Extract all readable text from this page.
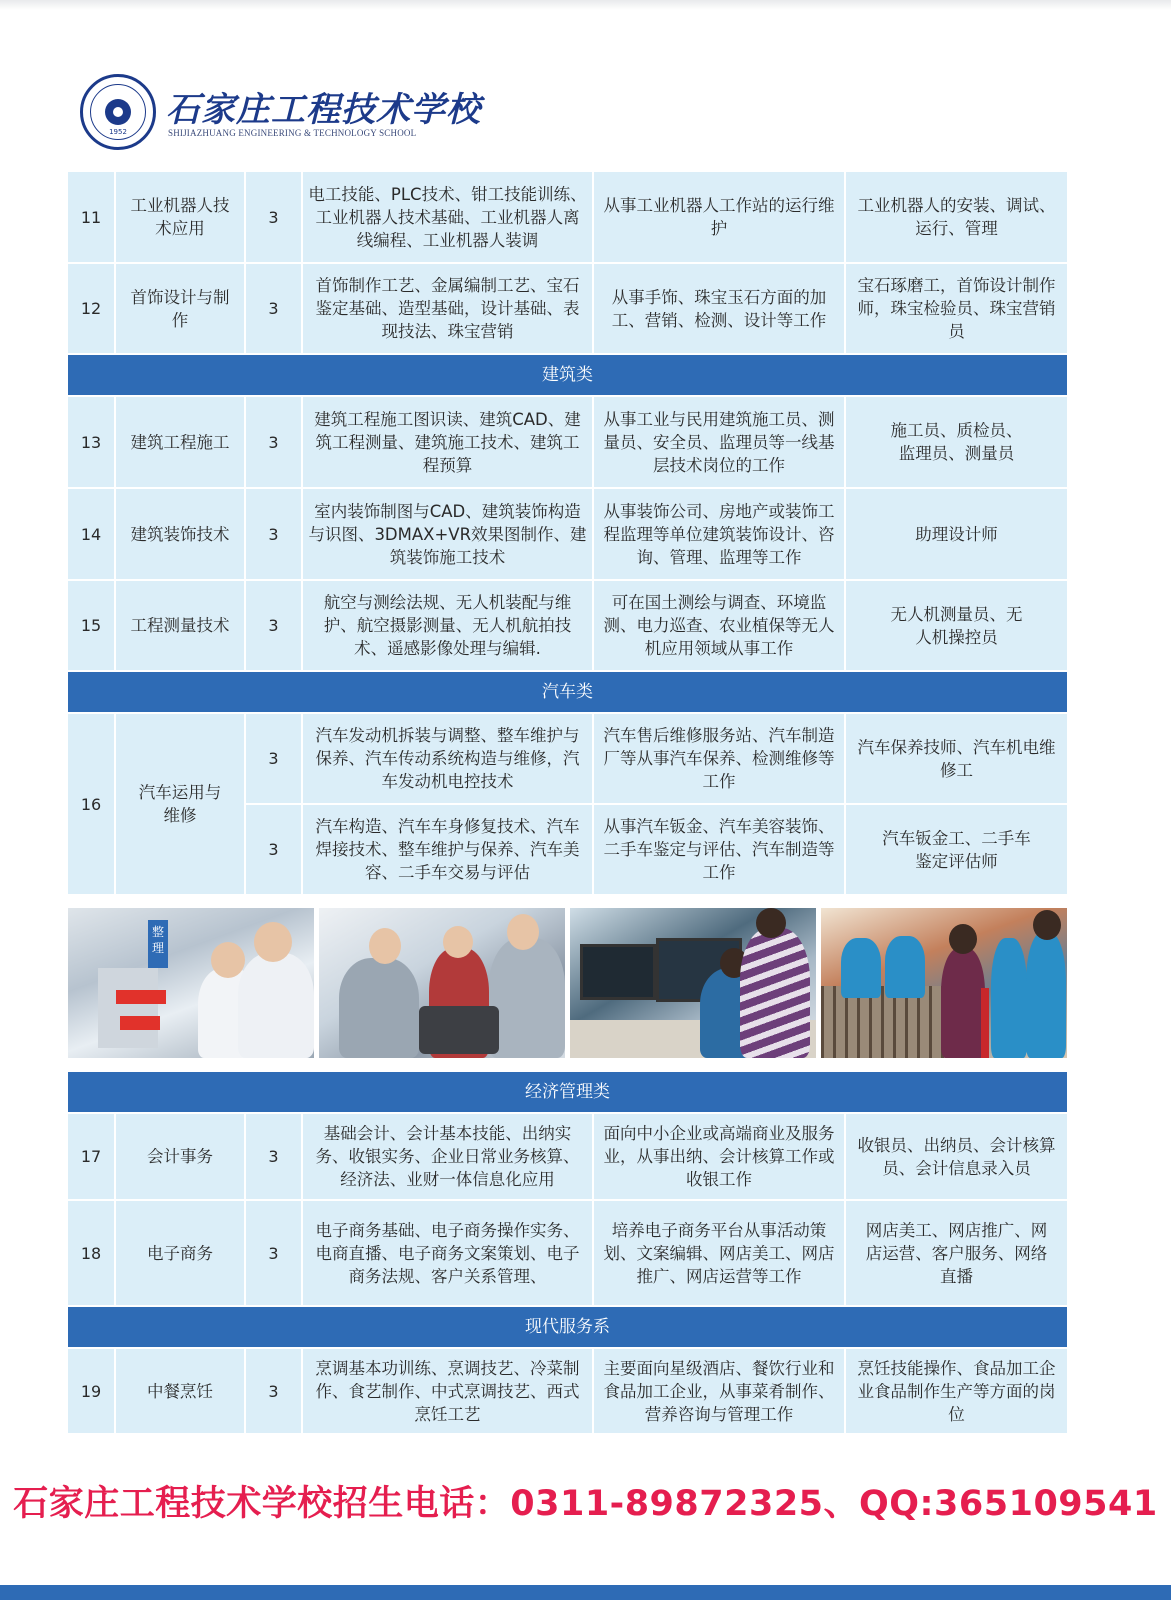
1952
石家庄工程技术学校
SHIJIAZHUANG ENGINEERING & TECHNOLOGY SCHOOL
11	工业机器人技术应用	3	电工技能、PLC技术、钳工技能训练、工业机器人技术基础、工业机器人离线编程、工业机器人装调	从事工业机器人工作站的运行维护	工业机器人的安装、调试、运行、管理
12	首饰设计与制作	3	首饰制作工艺、金属编制工艺、宝石鉴定基础、造型基础，设计基础、表现技法、珠宝营销	从事手饰、珠宝玉石方面的加工、营销、检测、设计等工作	宝石琢磨工，首饰设计制作师，珠宝检验员、珠宝营销员
建筑类					
13	建筑工程施工	3	建筑工程施工图识读、建筑CAD、建筑工程测量、建筑施工技术、建筑工程预算	从事工业与民用建筑施工员、测量员、安全员、监理员等一线基层技术岗位的工作	施工员、质检员、监理员、测量员
14	建筑装饰技术	3	室内装饰制图与CAD、建筑装饰构造与识图、3DMAX+VR效果图制作、建筑装饰施工技术	从事装饰公司、房地产或装饰工程监理等单位建筑装饰设计、咨询、管理、监理等工作	助理设计师
15	工程测量技术	3	航空与测绘法规、无人机装配与维护、航空摄影测量、无人机航拍技术、遥感影像处理与编辑.	可在国土测绘与调查、环境监测、电力巡查、农业植保等无人机应用领域从事工作	无人机测量员、无人机操控员
汽车类					
16	汽车运用与维修	3	汽车发动机拆装与调整、整车维护与保养、汽车传动系统构造与维修，汽车发动机电控技术	汽车售后维修服务站、汽车制造厂等从事汽车保养、检测维修等工作	汽车保养技师、汽车机电维修工
		3	汽车构造、汽车车身修复技术、汽车焊接技术、整车维护与保养、汽车美容、二手车交易与评估	从事汽车钣金、汽车美容装饰、二手车鉴定与评估、汽车制造等工作	汽车钣金工、二手车鉴定评估师
整理
经济管理类					
17	会计事务	3	基础会计、会计基本技能、出纳实务、收银实务、企业日常业务核算、经济法、业财一体信息化应用	面向中小企业或高端商业及服务业，从事出纳、会计核算工作或收银工作	收银员、出纳员、会计核算员、会计信息录入员
18	电子商务	3	电子商务基础、电子商务操作实务、电商直播、电子商务文案策划、电子商务法规、客户关系管理、	培养电子商务平台从事活动策划、文案编辑、网店美工、网店推广、网店运营等工作	网店美工、网店推广、网店运营、客户服务、网络直播
现代服务系					
19	中餐烹饪	3	烹调基本功训练、烹调技艺、冷菜制作、食艺制作、中式烹调技艺、西式烹饪工艺	主要面向星级酒店、餐饮行业和食品加工企业，从事菜肴制作、营养咨询与管理工作	烹饪技能操作、食品加工企业食品制作生产等方面的岗位
石家庄工程技术学校招生电话：0311-89872325、QQ:365109541
